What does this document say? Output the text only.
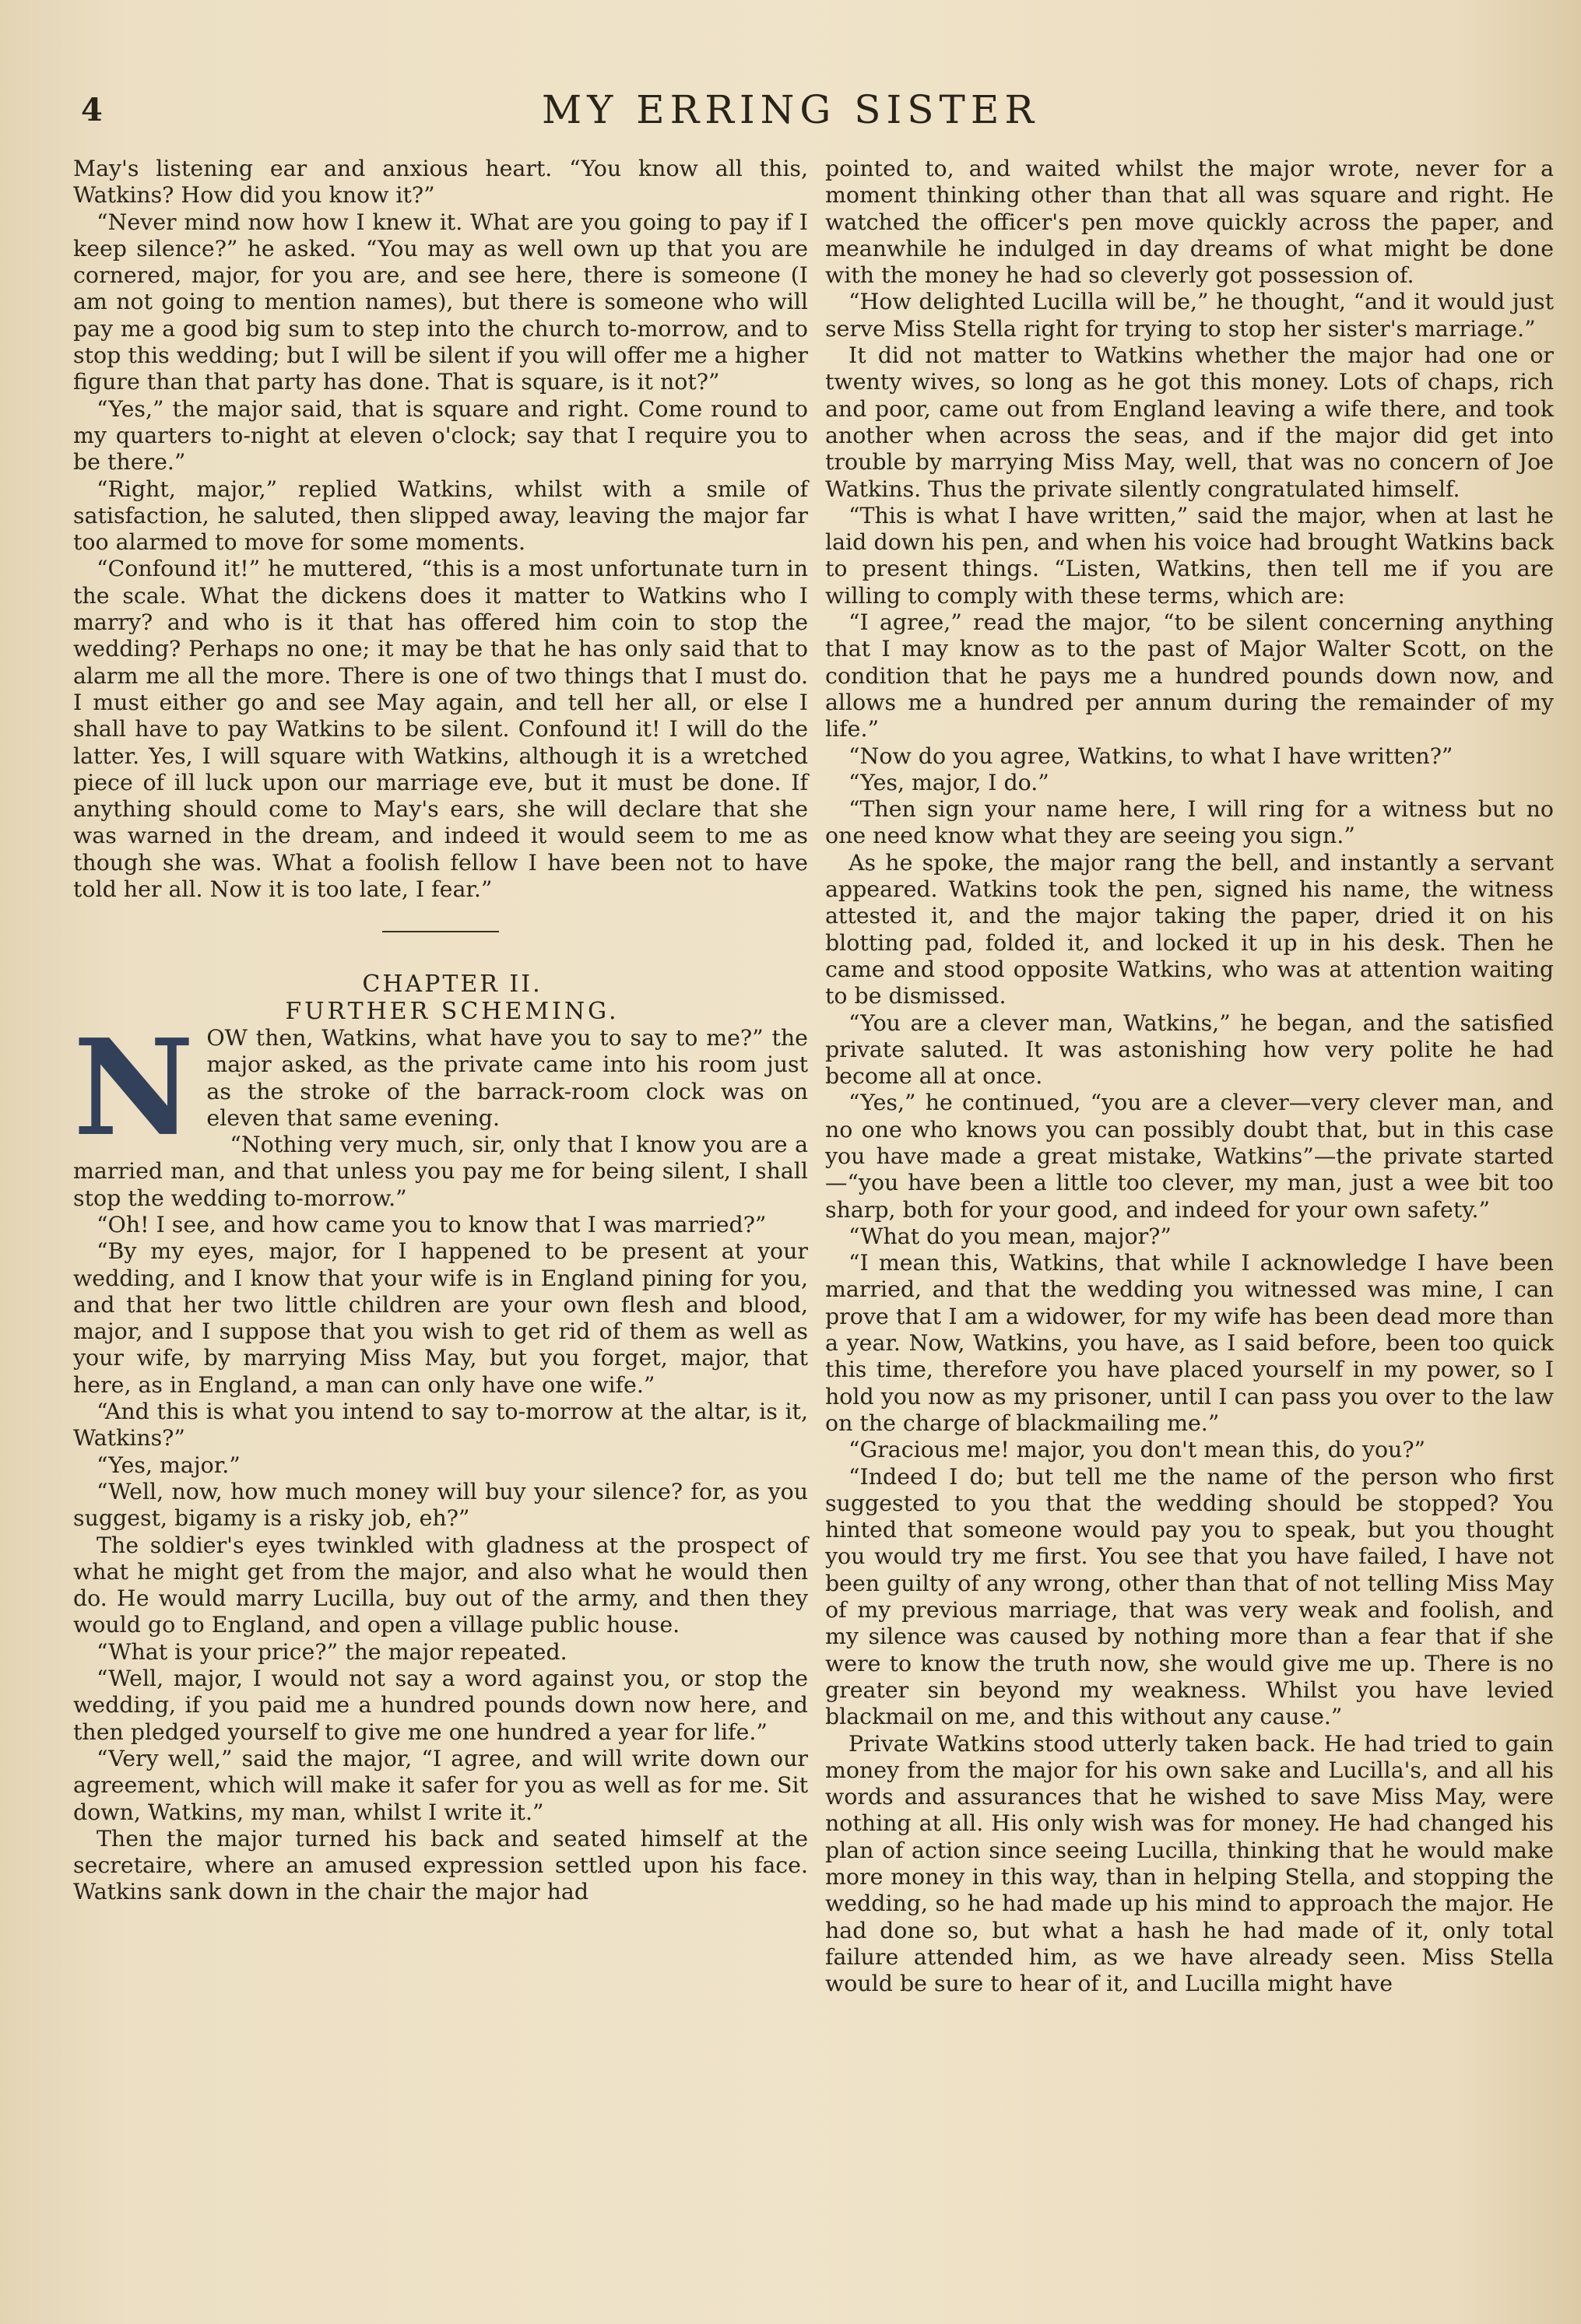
4	MY ERRING SISTER

May's listening ear and anxious heart. “You know all this, Watkins? How did you know it?”

“Never mind now how I knew it. What are you going to pay if I keep silence?” he asked. “You may as well own up that you are cornered, major, for you are, and see here, there is someone (I am not going to mention names), but there is someone who will pay me a good big sum to step into the church to-morrow, and to stop this wedding; but I will be silent if you will offer me a higher figure than that party has done. That is square, is it not?”

“Yes,” the major said, that is square and right. Come round to my quarters to-night at eleven o'clock; say that I require you to be there.”

“Right, major,” replied Watkins, whilst with a smile of satisfaction, he saluted, then slipped away, leaving the major far too alarmed to move for some moments.

“Confound it!” he muttered, “this is a most unfortunate turn in the scale. What the dickens does it matter to Watkins who I marry? and who is it that has offered him coin to stop the wedding? Perhaps no one; it may be that he has only said that to alarm me all the more. There is one of two things that I must do. I must either go and see May again, and tell her all, or else I shall have to pay Watkins to be silent. Confound it! I will do the latter. Yes, I will square with Watkins, although it is a wretched piece of ill luck upon our marriage eve, but it must be done. If anything should come to May's ears, she will declare that she was warned in the dream, and indeed it would seem to me as though she was. What a foolish fellow I have been not to have told her all. Now it is too late, I fear.”

CHAPTER II.

FURTHER SCHEMING.

N OW then, Watkins, what have you to say to me?” the major asked, as the private came into his room just as the stroke of the barrack-room clock was on eleven that same evening.

“Nothing very much, sir, only that I know you are a married man, and that unless you pay me for being silent, I shall stop the wedding to-morrow.”

“Oh! I see, and how came you to know that I was married?”

“By my eyes, major, for I happened to be present at your wedding, and I know that your wife is in England pining for you, and that her two little children are your own flesh and blood, major, and I suppose that you wish to get rid of them as well as your wife, by marrying Miss May, but you forget, major, that here, as in England, a man can only have one wife.”

“And this is what you intend to say to-morrow at the altar, is it, Watkins?”

“Yes, major.”

“Well, now, how much money will buy your silence? for, as you suggest, bigamy is a risky job, eh?”

The soldier's eyes twinkled with gladness at the prospect of what he might get from the major, and also what he would then do. He would marry Lucilla, buy out of the army, and then they would go to England, and open a village public house.

“What is your price?” the major repeated.

“Well, major, I would not say a word against you, or stop the wedding, if you paid me a hundred pounds down now here, and then pledged yourself to give me one hundred a year for life.”

“Very well,” said the major, “I agree, and will write down our agreement, which will make it safer for you as well as for me. Sit down, Watkins, my man, whilst I write it.”

Then the major turned his back and seated himself at the secretaire, where an amused expression settled upon his face. Watkins sank down in the chair the major had

pointed to, and waited whilst the major wrote, never for a moment thinking other than that all was square and right. He watched the officer's pen move quickly across the paper, and meanwhile he indulged in day dreams of what might be done with the money he had so cleverly got possession of.

“How delighted Lucilla will be,” he thought, “and it would just serve Miss Stella right for trying to stop her sister's marriage.”

It did not matter to Watkins whether the major had one or twenty wives, so long as he got this money. Lots of chaps, rich and poor, came out from England leaving a wife there, and took another when across the seas, and if the major did get into trouble by marrying Miss May, well, that was no concern of Joe Watkins. Thus the private silently congratulated himself.

“This is what I have written,” said the major, when at last he laid down his pen, and when his voice had brought Watkins back to present things. “Listen, Watkins, then tell me if you are willing to comply with these terms, which are:

“I agree,” read the major, “to be silent concerning anything that I may know as to the past of Major Walter Scott, on the condition that he pays me a hundred pounds down now, and allows me a hundred per annum during the remainder of my life.”

“Now do you agree, Watkins, to what I have written?”

“Yes, major, I do.”

“Then sign your name here, I will ring for a witness but no one need know what they are seeing you sign.”

As he spoke, the major rang the bell, and instantly a servant appeared. Watkins took the pen, signed his name, the witness attested it, and the major taking the paper, dried it on his blotting pad, folded it, and locked it up in his desk. Then he came and stood opposite Watkins, who was at attention waiting to be dismissed.

“You are a clever man, Watkins,” he began, and the satisfied private saluted. It was astonishing how very polite he had become all at once.

“Yes,” he continued, “you are a clever—very clever man, and no one who knows you can possibly doubt that, but in this case you have made a great mistake, Watkins”—the private started—“you have been a little too clever, my man, just a wee bit too sharp, both for your good, and indeed for your own safety.”

“What do you mean, major?”

“I mean this, Watkins, that while I acknowledge I have been married, and that the wedding you witnessed was mine, I can prove that I am a widower, for my wife has been dead more than a year. Now, Watkins, you have, as I said before, been too quick this time, therefore you have placed yourself in my power, so I hold you now as my prisoner, until I can pass you over to the law on the charge of blackmailing me.”

“Gracious me! major, you don't mean this, do you?”

“Indeed I do; but tell me the name of the person who first suggested to you that the wedding should be stopped? You hinted that someone would pay you to speak, but you thought you would try me first. You see that you have failed, I have not been guilty of any wrong, other than that of not telling Miss May of my previous marriage, that was very weak and foolish, and my silence was caused by nothing more than a fear that if she were to know the truth now, she would give me up. There is no greater sin beyond my weakness. Whilst you have levied blackmail on me, and this without any cause.”

Private Watkins stood utterly taken back. He had tried to gain money from the major for his own sake and Lucilla's, and all his words and assurances that he wished to save Miss May, were nothing at all. His only wish was for money. He had changed his plan of action since seeing Lucilla, thinking that he would make more money in this way, than in helping Stella, and stopping the wedding, so he had made up his mind to approach the major. He had done so, but what a hash he had made of it, only total failure attended him, as we have already seen. Miss Stella would be sure to hear of it, and Lucilla might have
